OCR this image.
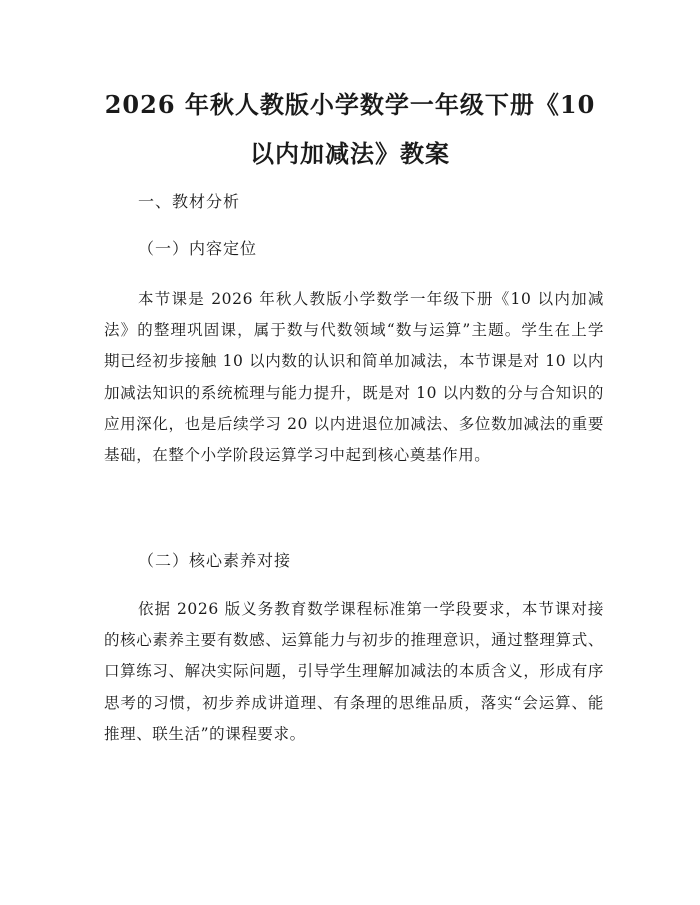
2026 年秋人教版小学数学一年级下册《10 以内加减法》教案
一、教材分析
（一）内容定位

本节课是 2026 年秋人教版小学数学一年级下册《10 以内加减法》的整理巩固课，属于数与代数领域“数与运算”主题。学生在上学期已经初步接触 10 以内数的认识和简单加减法，本节课是对 10 以内加减法知识的系统梳理与能力提升，既是对 10 以内数的分与合知识的应用深化，也是后续学习 20 以内进退位加减法、多位数加减法的重要基础，在整个小学阶段运算学习中起到核心奠基作用。

（二）核心素养对接

依据 2026 版义务教育数学课程标准第一学段要求，本节课对接的核心素养主要有数感、运算能力与初步的推理意识，通过整理算式、口算练习、解决实际问题，引导学生理解加减法的本质含义，形成有序思考的习惯，初步养成讲道理、有条理的思维品质，落实“会运算、能推理、联生活”的课程要求。
